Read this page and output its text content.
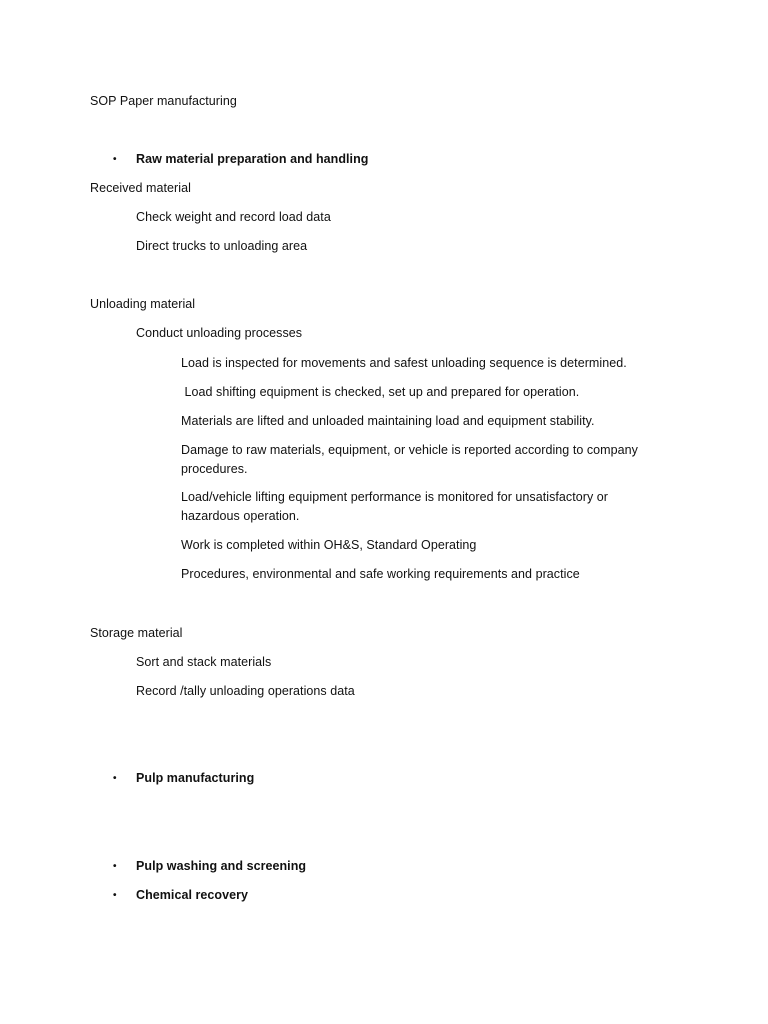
SOP Paper manufacturing
• Raw material preparation and handling
Received material
Check weight and record load data
Direct trucks to unloading area
Unloading material
Conduct unloading processes
Load is inspected for movements and safest unloading sequence is determined.
Load shifting equipment is checked, set up and prepared for operation.
Materials are lifted and unloaded maintaining load and equipment stability.
Damage to raw materials, equipment, or vehicle is reported according to company procedures.
Load/vehicle lifting equipment performance is monitored for unsatisfactory or hazardous operation.
Work is completed within OH&S, Standard Operating
Procedures, environmental and safe working requirements and practice
Storage material
Sort and stack materials
Record /tally unloading operations data
• Pulp manufacturing
• Pulp washing and screening
• Chemical recovery
